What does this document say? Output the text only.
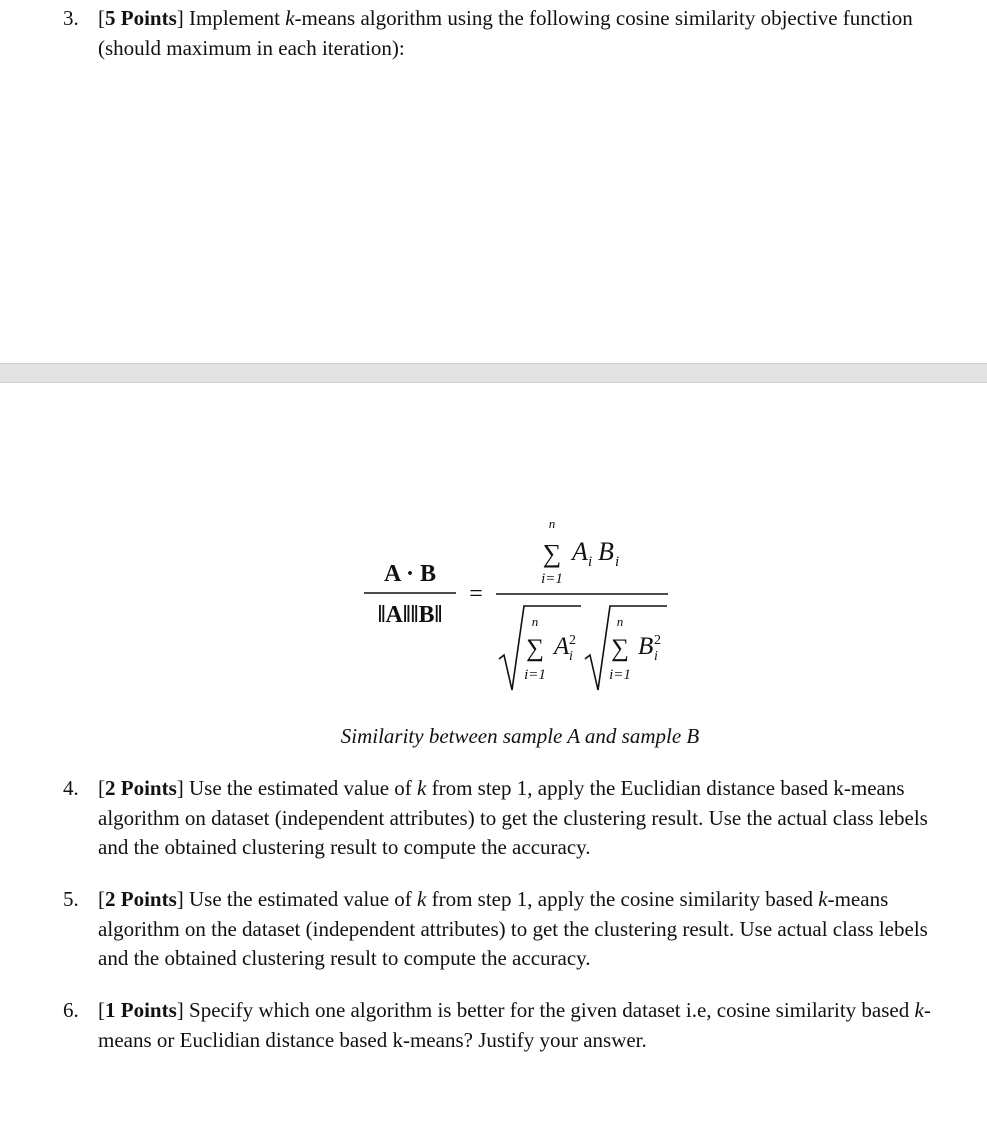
3. [5 Points] Implement k-means algorithm using the following cosine similarity objective function (should maximum in each iteration):
A · B
‖A‖‖B‖
=
n
∑
i=1
A i B i
n
∑
i=1
A 2
i
n
∑
i=1
B 2
i
Similarity between sample A and sample B
4. [2 Points] Use the estimated value of k from step 1, apply the Euclidian distance based k-means algorithm on dataset (independent attributes) to get the clustering result. Use the actual class lebels and the obtained clustering result to compute the accuracy.
5. [2 Points] Use the estimated value of k from step 1, apply the cosine similarity based k-means algorithm on the dataset (independent attributes) to get the clustering result. Use actual class lebels and the obtained clustering result to compute the accuracy.
6. [1 Points] Specify which one algorithm is better for the given dataset i.e, cosine similarity based k-means or Euclidian distance based k-means? Justify your answer.
